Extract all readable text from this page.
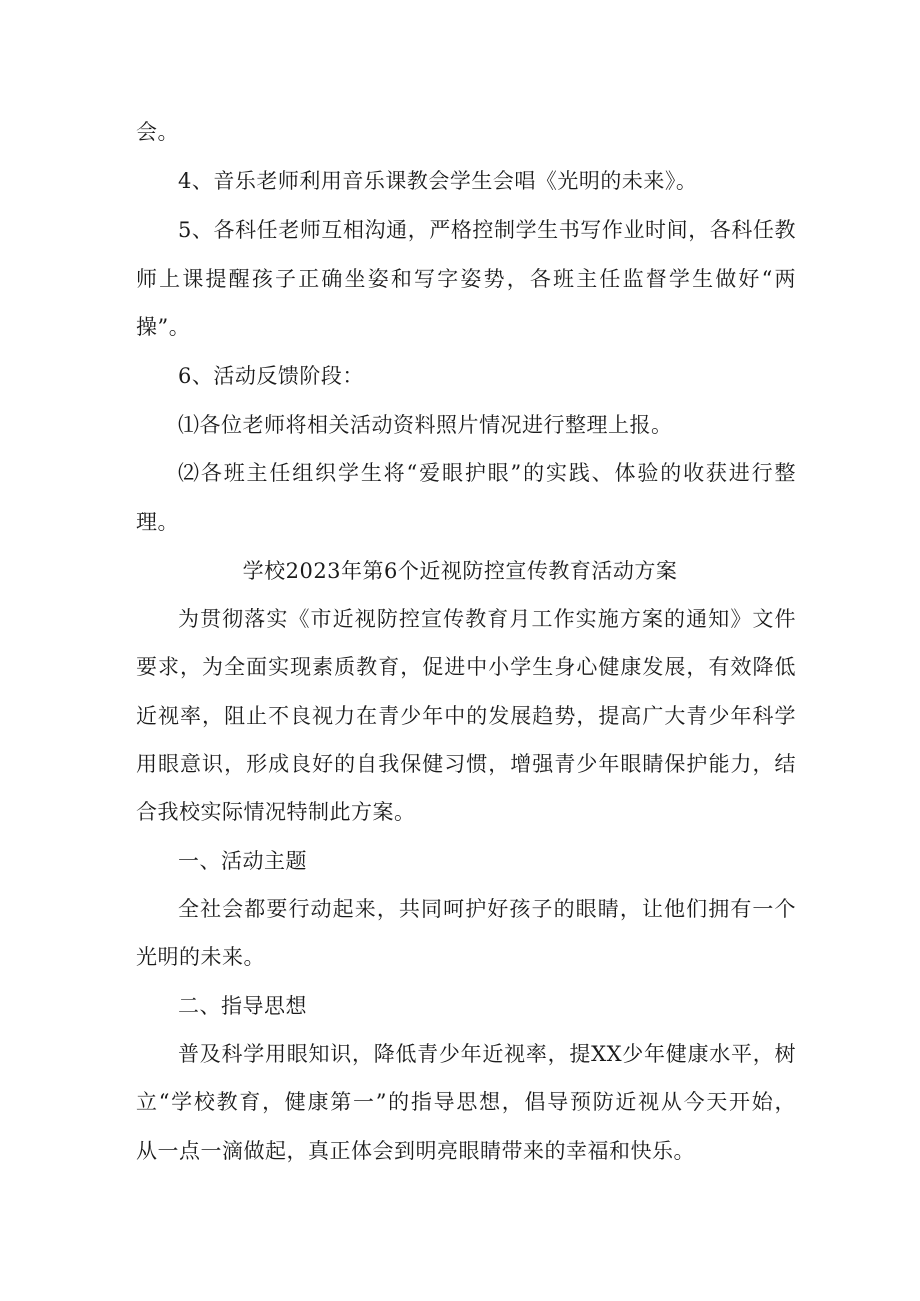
会。
4、音乐老师利用音乐课教会学生会唱《光明的未来》。
5、各科任老师互相沟通，严格控制学生书写作业时间，各科任教
师上课提醒孩子正确坐姿和写字姿势，各班主任监督学生做好“两
操”。
6、活动反馈阶段：
⑴各位老师将相关活动资料照片情况进行整理上报。
⑵各班主任组织学生将“爱眼护眼”的实践、体验的收获进行整
理。
学校2023年第6个近视防控宣传教育活动方案
为贯彻落实《市近视防控宣传教育月工作实施方案的通知》文件
要求，为全面实现素质教育，促进中小学生身心健康发展，有效降低
近视率，阻止不良视力在青少年中的发展趋势，提高广大青少年科学
用眼意识，形成良好的自我保健习惯，增强青少年眼睛保护能力，结
合我校实际情况特制此方案。
一、活动主题
全社会都要行动起来，共同呵护好孩子的眼睛，让他们拥有一个
光明的未来。
二、指导思想
普及科学用眼知识，降低青少年近视率，提XX少年健康水平，树
立“学校教育，健康第一”的指导思想，倡导预防近视从今天开始，
从一点一滴做起，真正体会到明亮眼睛带来的幸福和快乐。
